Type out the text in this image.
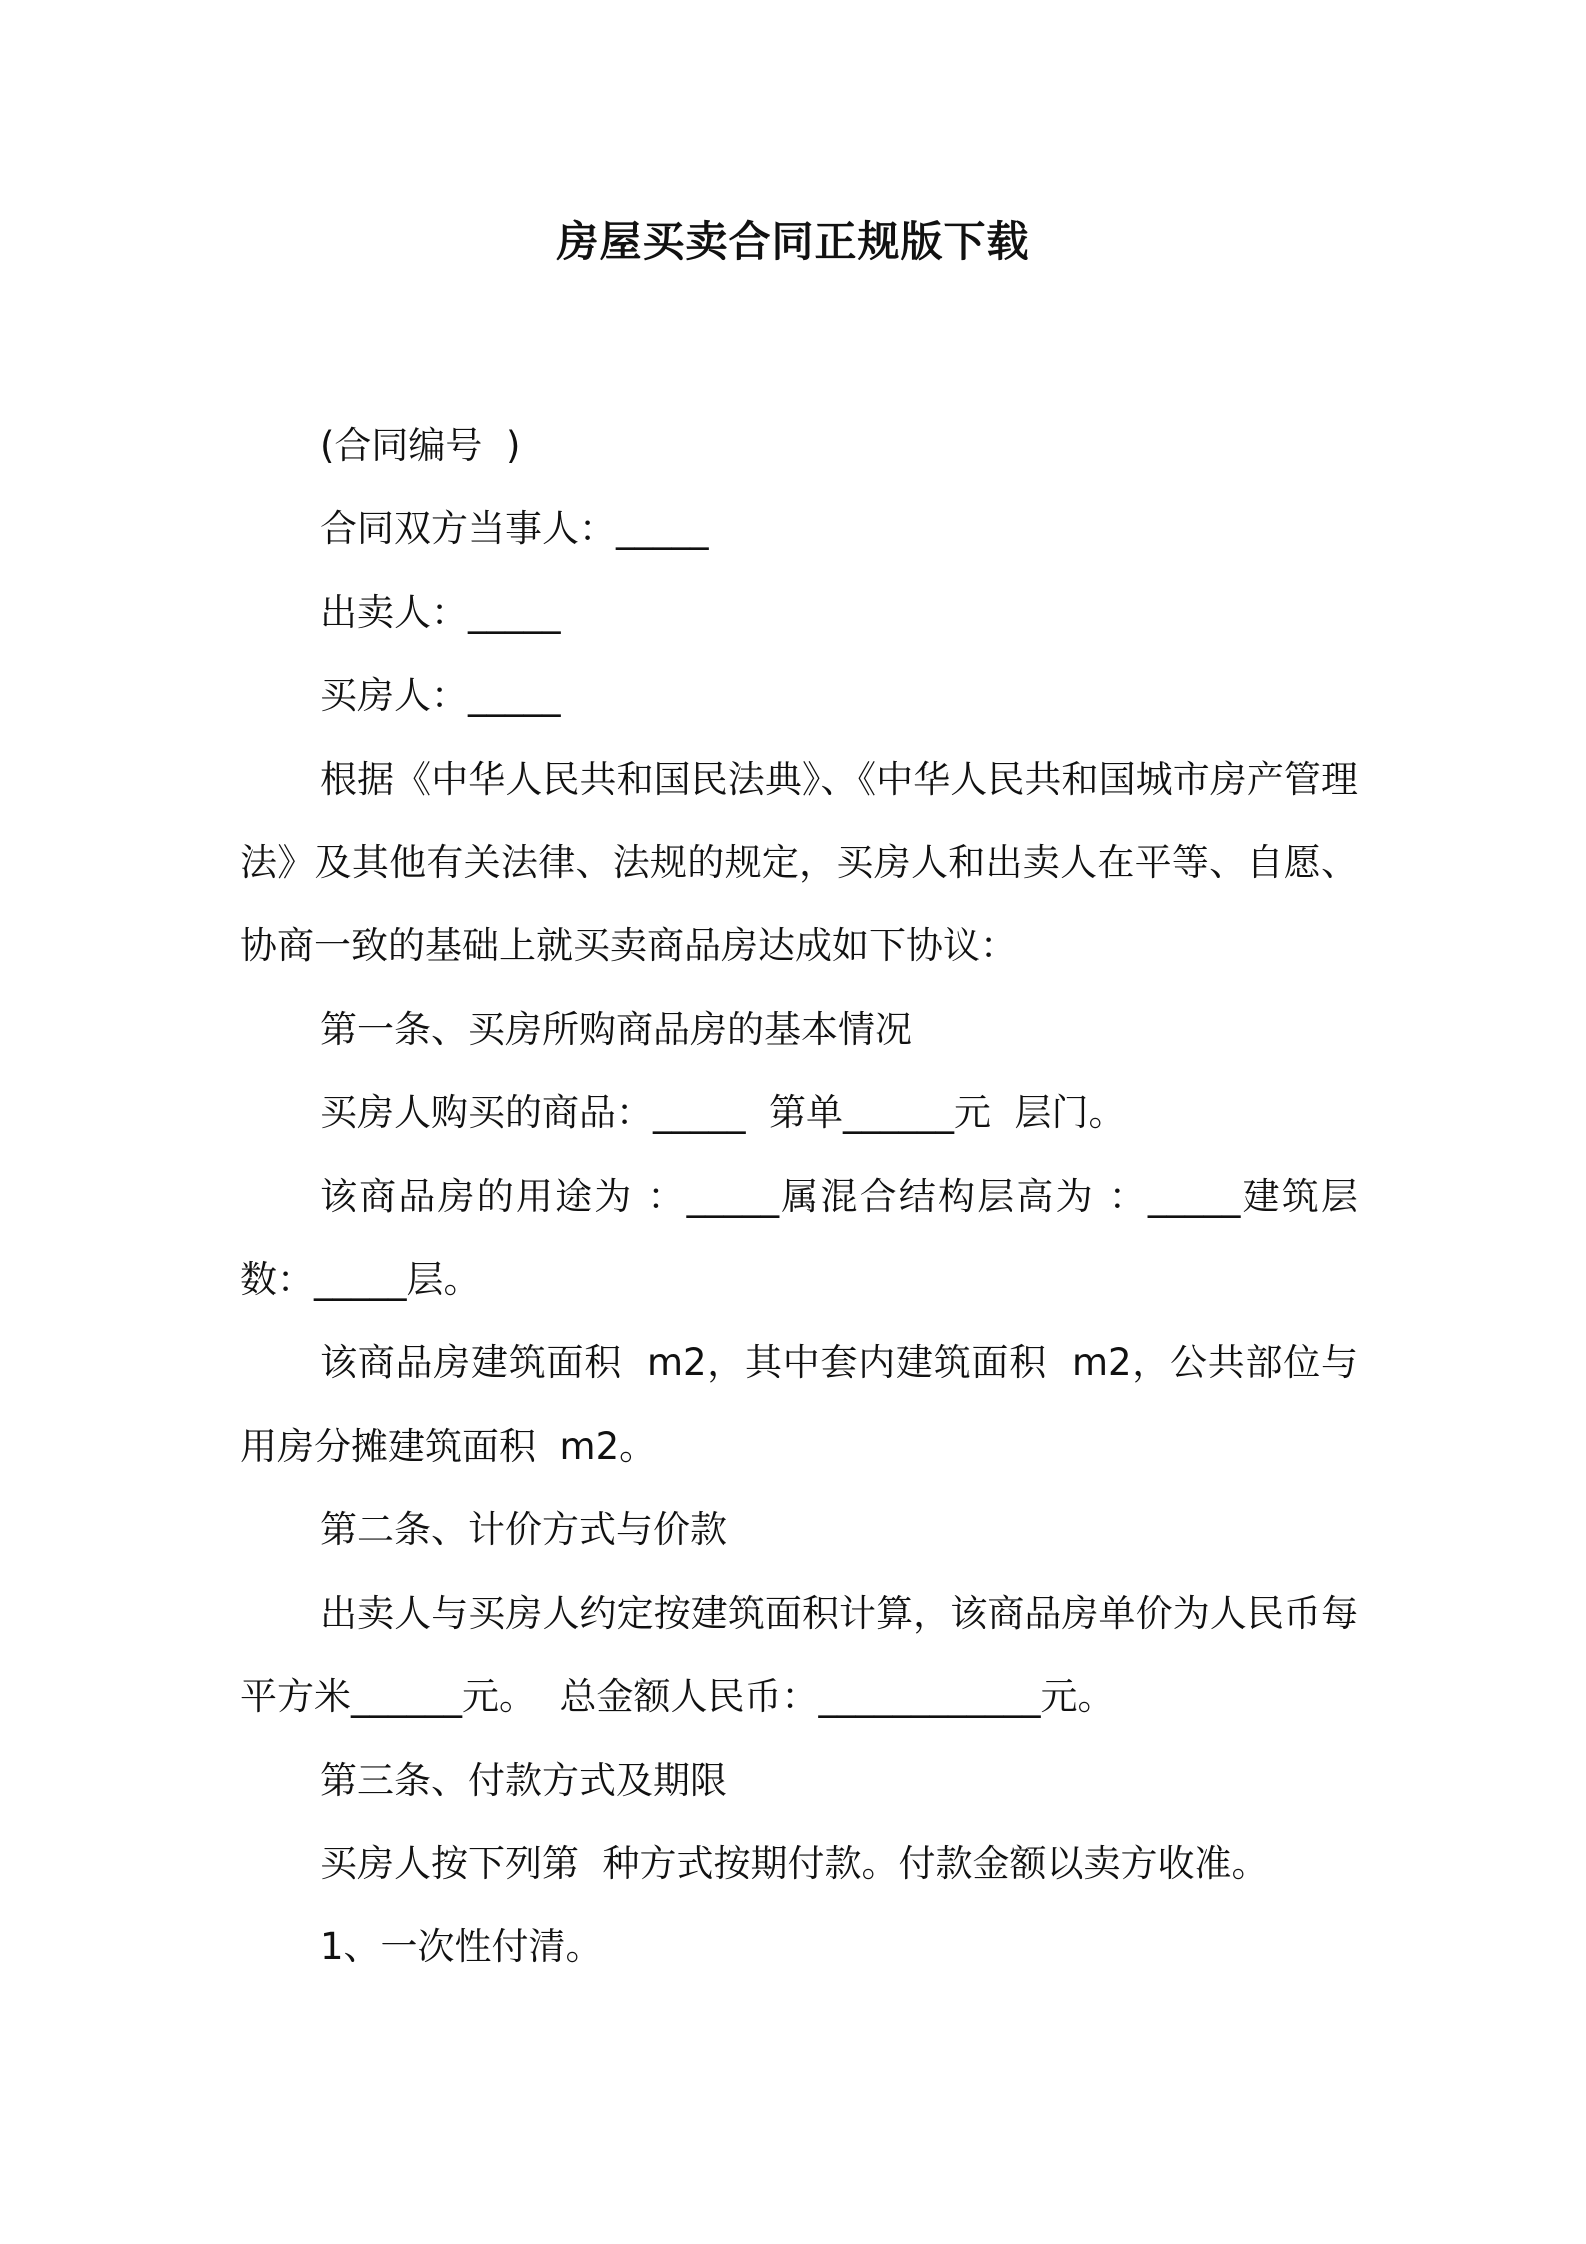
房屋买卖合同正规版下载

(合同编号  )

合同双方当事人：_____

出卖人：_____

买房人：_____

根据《中华人民共和国民法典》、《中华人民共和国城市房产管理法》及其他有关法律、法规的规定，买房人和出卖人在平等、自愿、协商一致的基础上就买卖商品房达成如下协议：

第一条、买房所购商品房的基本情况

买房人购买的商品：_____  第单______元  层门。

该商品房的用途为 ：_____属混合结构层高为 ：_____建筑层数：_____层。

该商品房建筑面积  m2，其中套内建筑面积  m2，公共部位与用房分摊建筑面积  m2。

第二条、计价方式与价款

出卖人与买房人约定按建筑面积计算，该商品房单价为人民币每平方米______元。  总金额人民币：____________元。

第三条、付款方式及期限

买房人按下列第  种方式按期付款。付款金额以卖方收准。

1、一次性付清。
